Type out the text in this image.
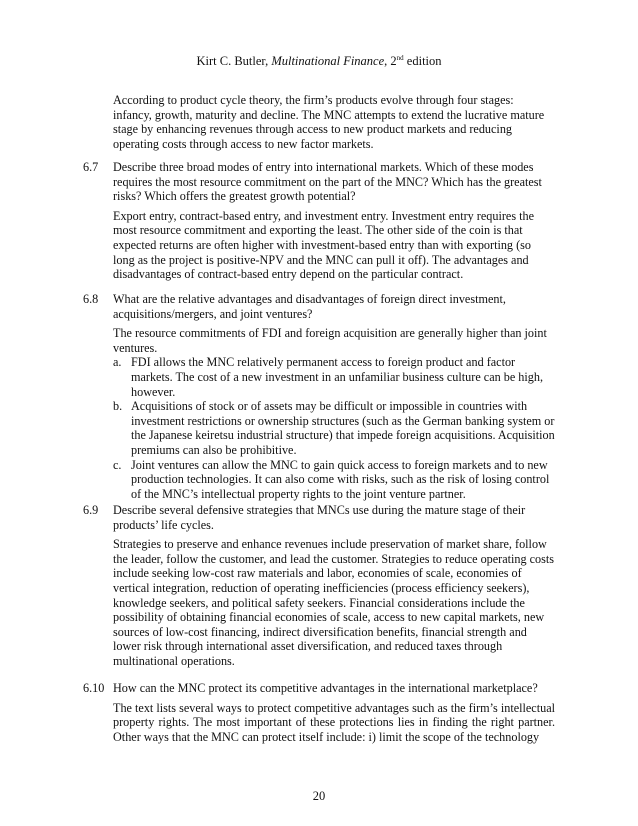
Kirt C. Butler, Multinational Finance, 2nd edition

According to product cycle theory, the firm’s products evolve through four stages: infancy, growth, maturity and decline. The MNC attempts to extend the lucrative mature stage by enhancing revenues through access to new product markets and reducing operating costs through access to new factor markets.

6.7	Describe three broad modes of entry into international markets. Which of these modes requires the most resource commitment on the part of the MNC? Which has the greatest risks? Which offers the greatest growth potential?

Export entry, contract-based entry, and investment entry. Investment entry requires the most resource commitment and exporting the least. The other side of the coin is that expected returns are often higher with investment-based entry than with exporting (so long as the project is positive-NPV and the MNC can pull it off). The advantages and disadvantages of contract-based entry depend on the particular contract.

6.8	What are the relative advantages and disadvantages of foreign direct investment, acquisitions/mergers, and joint ventures?

The resource commitments of FDI and foreign acquisition are generally higher than joint ventures.

a. FDI allows the MNC relatively permanent access to foreign product and factor markets. The cost of a new investment in an unfamiliar business culture can be high, however.

b. Acquisitions of stock or of assets may be difficult or impossible in countries with investment restrictions or ownership structures (such as the German banking system or the Japanese keiretsu industrial structure) that impede foreign acquisitions. Acquisition premiums can also be prohibitive.

c. Joint ventures can allow the MNC to gain quick access to foreign markets and to new production technologies. It can also come with risks, such as the risk of losing control of the MNC’s intellectual property rights to the joint venture partner.

6.9	Describe several defensive strategies that MNCs use during the mature stage of their products’ life cycles.

Strategies to preserve and enhance revenues include preservation of market share, follow the leader, follow the customer, and lead the customer. Strategies to reduce operating costs include seeking low-cost raw materials and labor, economies of scale, economies of vertical integration, reduction of operating inefficiencies (process efficiency seekers), knowledge seekers, and political safety seekers. Financial considerations include the possibility of obtaining financial economies of scale, access to new capital markets, new sources of low-cost financing, indirect diversification benefits, financial strength and lower risk through international asset diversification, and reduced taxes through multinational operations.

6.10 How can the MNC protect its competitive advantages in the international marketplace?

The text lists several ways to protect competitive advantages such as the firm’s intellectual property rights. The most important of these protections lies in finding the right partner. Other ways that the MNC can protect itself include: i) limit the scope of the technology

20
